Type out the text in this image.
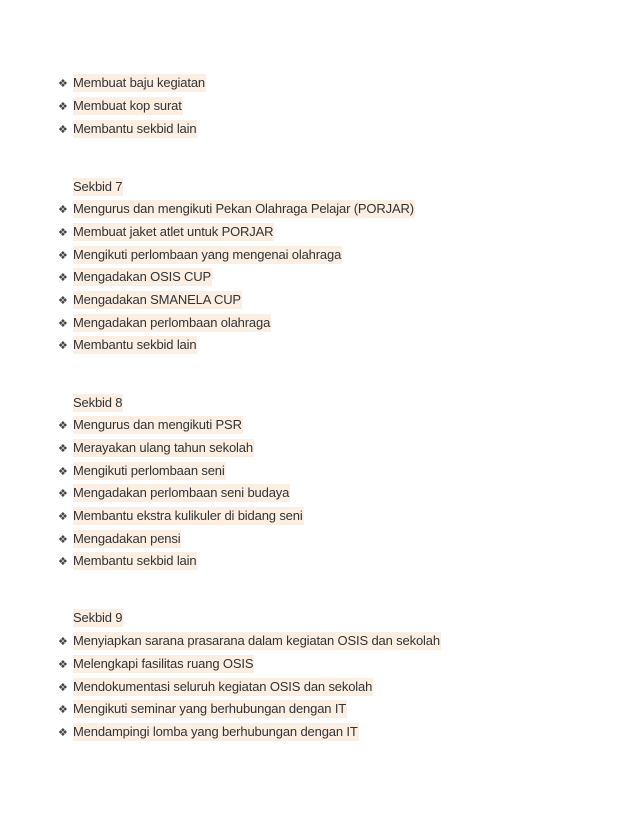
❖ Membuat baju kegiatan
❖ Membuat kop surat
❖ Membantu sekbid lain
Sekbid 7
❖ Mengurus dan mengikuti Pekan Olahraga Pelajar (PORJAR)
❖ Membuat jaket atlet untuk PORJAR
❖ Mengikuti perlombaan yang mengenai olahraga
❖ Mengadakan OSIS CUP
❖ Mengadakan SMANELA CUP
❖ Mengadakan perlombaan olahraga
❖ Membantu sekbid lain
Sekbid 8
❖ Mengurus dan mengikuti PSR
❖ Merayakan ulang tahun sekolah
❖ Mengikuti perlombaan seni
❖ Mengadakan perlombaan seni budaya
❖ Membantu ekstra kulikuler di bidang seni
❖ Mengadakan pensi
❖ Membantu sekbid lain
Sekbid 9
❖ Menyiapkan sarana prasarana dalam kegiatan OSIS dan sekolah
❖ Melengkapi fasilitas ruang OSIS
❖ Mendokumentasi seluruh kegiatan OSIS dan sekolah
❖ Mengikuti seminar yang berhubungan dengan IT
❖ Mendampingi lomba yang berhubungan dengan IT
